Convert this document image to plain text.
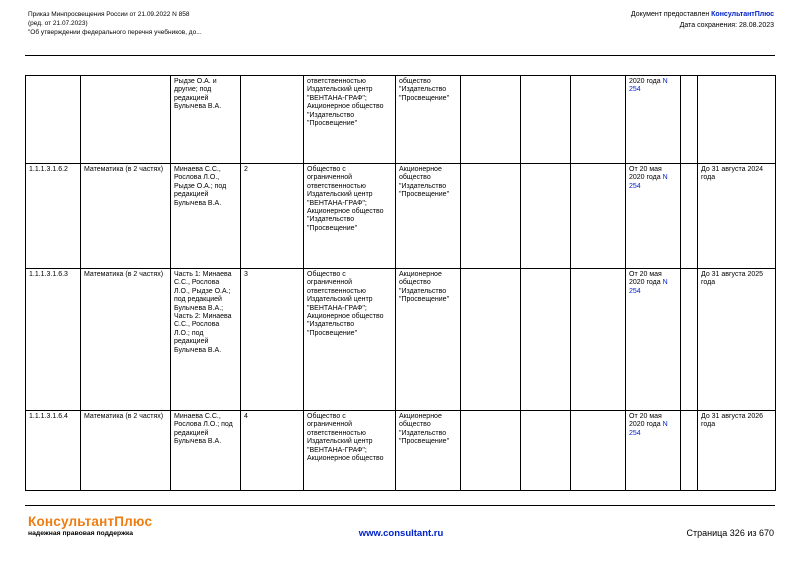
Приказ Минпросвещения России от 21.09.2022 N 858
(ред. от 21.07.2023)
"Об утверждении федерального перечня учебников, до...
Документ предоставлен КонсультантПлюс
Дата сохранения: 28.08.2023
		Рыдзе О.А. и другие; под редакцией Булычева В.А.		ответственностью Издательский центр "ВЕНТАНА-ГРАФ"; Акционерное общество "Издательство "Просвещение"	общество "Издательство "Просвещение"				2020 года N 254		
1.1.1.3.1.6.2	Математика (в 2 частях)	Минаева С.С., Рослова Л.О., Рыдзе О.А.; под редакцией Булычева В.А.	2	Общество с ограниченной ответственностью Издательский центр "ВЕНТАНА-ГРАФ"; Акционерное общество "Издательство "Просвещение"	Акционерное общество "Издательство "Просвещение"				От 20 мая 2020 года N 254		До 31 августа 2024 года
1.1.1.3.1.6.3	Математика (в 2 частях)	Часть 1: Минаева С.С., Рослова Л.О., Рыдзе О.А.; под редакцией Булычева В.А.; Часть 2: Минаева С.С., Рослова Л.О.; под редакцией Булычева В.А.	3	Общество с ограниченной ответственностью Издательский центр "ВЕНТАНА-ГРАФ"; Акционерное общество "Издательство "Просвещение"	Акционерное общество "Издательство "Просвещение"				От 20 мая 2020 года N 254		До 31 августа 2025 года
1.1.1.3.1.6.4	Математика (в 2 частях)	Минаева С.С., Рослова Л.О.; под редакцией Булычева В.А.	4	Общество с ограниченной ответственностью Издательский центр "ВЕНТАНА-ГРАФ"; Акционерное общество	Акционерное общество "Издательство "Просвещение"				От 20 мая 2020 года N 254		До 31 августа 2026 года
КонсультантПлюс
надежная правовая поддержка	www.consultant.ru	Страница 326 из 670
